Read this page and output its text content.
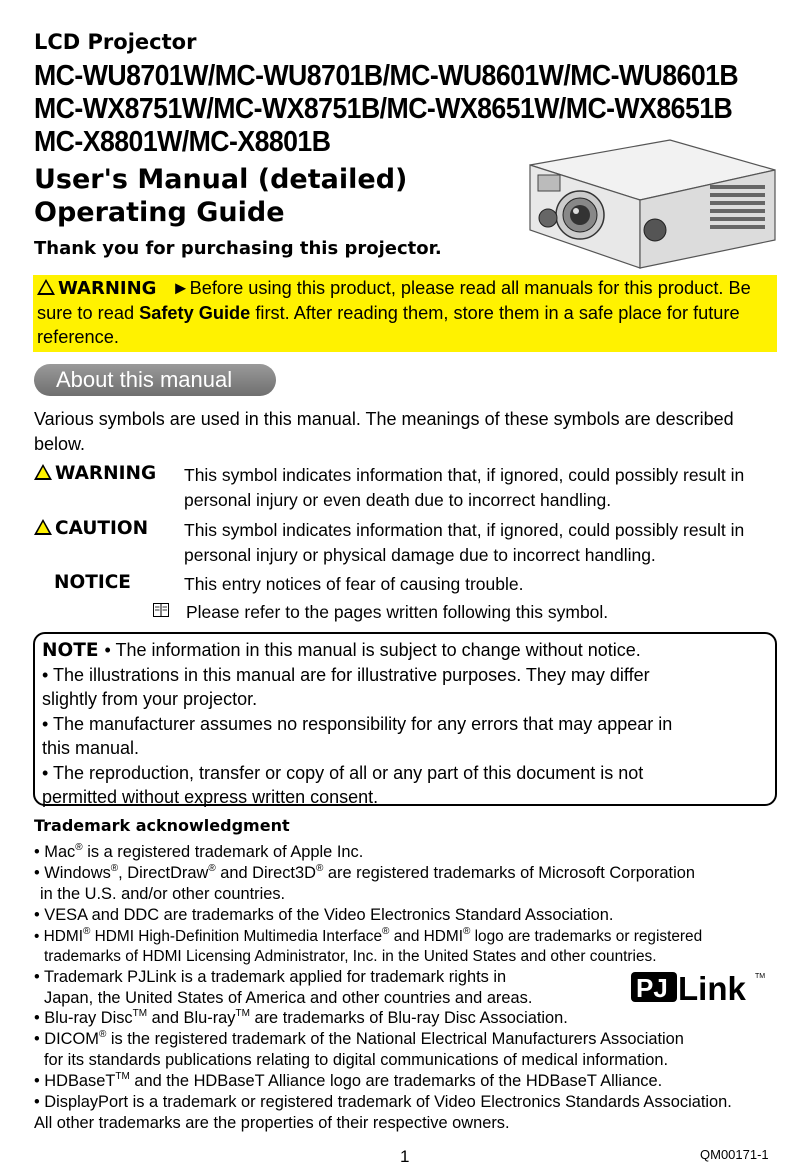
LCD Projector
MC-WU8701W/MC-WU8701B/MC-WU8601W/MC-WU8601B
MC-WX8751W/MC-WX8751B/MC-WX8651W/MC-WX8651B
MC-X8801W/MC-X8801B
User's Manual (detailed)
Operating Guide
Thank you for purchasing this projector.
! WARNING ►Before using this product, please read all manuals for this product. Be sure to read Safety Guide first. After reading them, store them in a safe place for future reference.
About this manual
Various symbols are used in this manual. The meanings of these symbols are described below.
! WARNING	This symbol indicates information that, if ignored, could possibly result in personal injury or even death due to incorrect handling.
! CAUTION	This symbol indicates information that, if ignored, could possibly result in personal injury or physical damage due to incorrect handling.
NOTICE	This entry notices of fear of causing trouble.
Please refer to the pages written following this symbol.
NOTE • The information in this manual is subject to change without notice.
• The illustrations in this manual are for illustrative purposes. They may differ
slightly from your projector.
• The manufacturer assumes no responsibility for any errors that may appear in
this manual.
• The reproduction, transfer or copy of all or any part of this document is not
permitted without express written consent.
Trademark acknowledgment
• Mac® is a registered trademark of Apple Inc.
• Windows®, DirectDraw® and Direct3D® are registered trademarks of Microsoft Corporation
in the U.S. and/or other countries.
• VESA and DDC are trademarks of the Video Electronics Standard Association.
• HDMI® HDMI High-Definition Multimedia Interface® and HDMI® logo are trademarks or registered
trademarks of HDMI Licensing Administrator, Inc. in the United States and other countries.
• Trademark PJLink is a trademark applied for trademark rights in
Japan, the United States of America and other countries and areas.
• Blu-ray Disc™ and Blu-ray™ are trademarks of Blu-ray Disc Association.
• DICOM® is the registered trademark of the National Electrical Manufacturers Association
for its standards publications relating to digital communications of medical information.
• HDBaseT™ and the HDBaseT Alliance logo are trademarks of the HDBaseT Alliance.
• DisplayPort is a trademark or registered trademark of Video Electronics Standards Association.
All other trademarks are the properties of their respective owners.
PJ Link TM
1	QM00171-1
